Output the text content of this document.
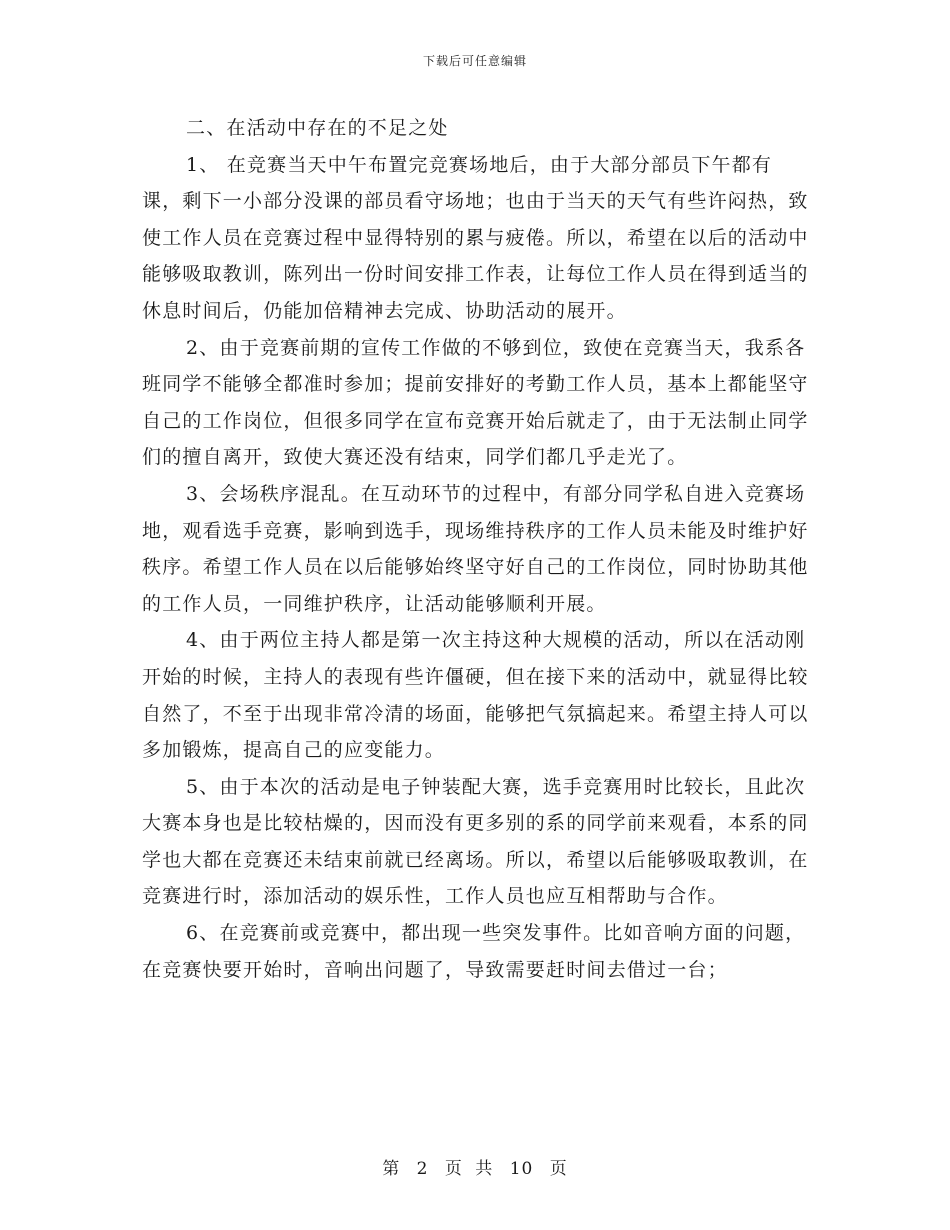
下载后可任意编辑

二、在活动中存在的不足之处

1、 在竞赛当天中午布置完竞赛场地后，由于大部分部员下午都有课，剩下一小部分没课的部员看守场地；也由于当天的天气有些许闷热，致使工作人员在竞赛过程中显得特别的累与疲倦。所以，希望在以后的活动中能够吸取教训，陈列出一份时间安排工作表，让每位工作人员在得到适当的休息时间后，仍能加倍精神去完成、协助活动的展开。

2、由于竞赛前期的宣传工作做的不够到位，致使在竞赛当天，我系各班同学不能够全都准时参加；提前安排好的考勤工作人员，基本上都能坚守自己的工作岗位，但很多同学在宣布竞赛开始后就走了，由于无法制止同学们的擅自离开，致使大赛还没有结束，同学们都几乎走光了。

3、会场秩序混乱。在互动环节的过程中，有部分同学私自进入竞赛场地，观看选手竞赛，影响到选手，现场维持秩序的工作人员未能及时维护好秩序。希望工作人员在以后能够始终坚守好自己的工作岗位，同时协助其他的工作人员，一同维护秩序，让活动能够顺利开展。

4、由于两位主持人都是第一次主持这种大规模的活动，所以在活动刚开始的时候，主持人的表现有些许僵硬，但在接下来的活动中，就显得比较自然了，不至于出现非常冷清的场面，能够把气氛搞起来。希望主持人可以多加锻炼，提高自己的应变能力。

5、由于本次的活动是电子钟装配大赛，选手竞赛用时比较长，且此次大赛本身也是比较枯燥的，因而没有更多别的系的同学前来观看，本系的同学也大都在竞赛还未结束前就已经离场。所以，希望以后能够吸取教训，在竞赛进行时，添加活动的娱乐性，工作人员也应互相帮助与合作。

6、在竞赛前或竞赛中，都出现一些突发事件。比如音响方面的问题，在竞赛快要开始时，音响出问题了，导致需要赶时间去借过一台；

第 2 页 共 10 页
